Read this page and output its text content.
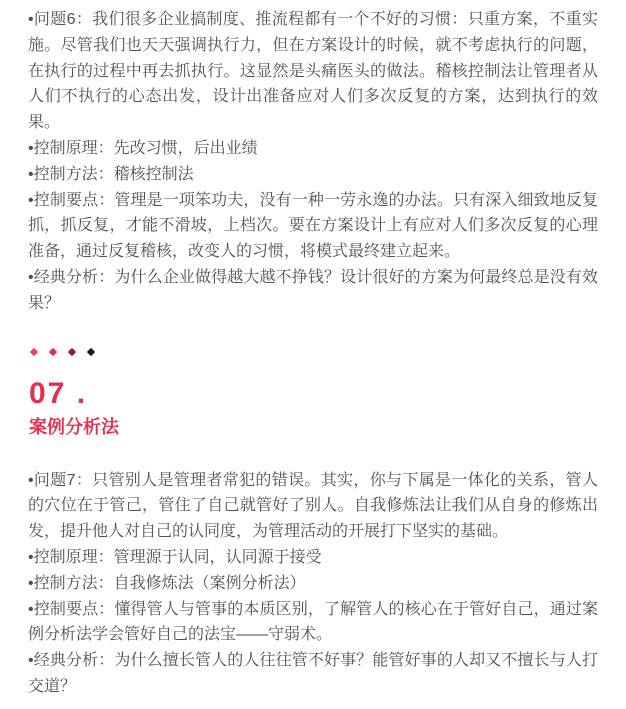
•问题6：我们很多企业搞制度、推流程都有一个不好的习惯：只重方案，不重实施。尽管我们也天天强调执行力，但在方案设计的时候，就不考虑执行的问题，在执行的过程中再去抓执行。这显然是头痛医头的做法。稽核控制法让管理者从人们不执行的心态出发，设计出准备应对人们多次反复的方案，达到执行的效果。

•控制原理：先改习惯，后出业绩

•控制方法：稽核控制法

•控制要点：管理是一项笨功夫，没有一种一劳永逸的办法。只有深入细致地反复抓，抓反复，才能不滑坡，上档次。要在方案设计上有应对人们多次反复的心理准备，通过反复稽核，改变人的习惯，将模式最终建立起来。

•经典分析：为什么企业做得越大越不挣钱？设计很好的方案为何最终总是没有效果？

07 .
案例分析法

•问题7：只管别人是管理者常犯的错误。其实，你与下属是一体化的关系，管人的穴位在于管己，管住了自己就管好了别人。自我修炼法让我们从自身的修炼出发，提升他人对自己的认同度，为管理活动的开展打下坚实的基础。

•控制原理：管理源于认同，认同源于接受

•控制方法：自我修炼法（案例分析法）

•控制要点：懂得管人与管事的本质区别，了解管人的核心在于管好自己，通过案例分析法学会管好自己的法宝——守弱术。

•经典分析：为什么擅长管人的人往往管不好事？能管好事的人却又不擅长与人打交道？
